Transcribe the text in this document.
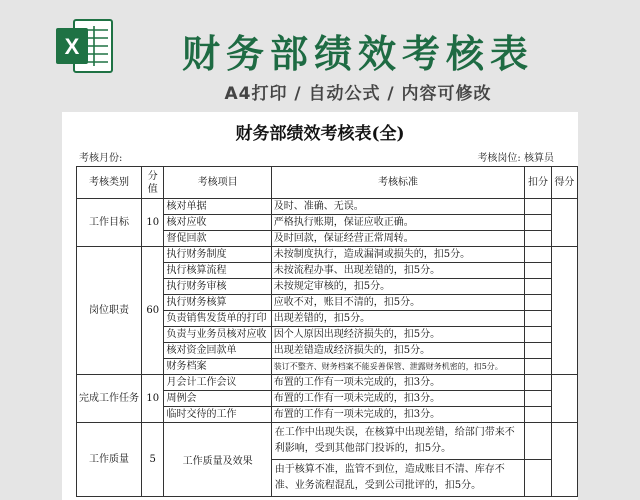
X	财务部绩效考核表
A4打印 / 自动公式 / 内容可修改
财务部绩效考核表(全)
考核月份:	考核岗位: 核算员
考核类别	分值	考核项目	考核标准	扣分	得分
工作目标	10	核对单据	及时、准确、无误。		
		核对应收	严格执行账期，保证应收正确。		
		督促回款	及时回款，保证经营正常周转。		
岗位职责	60	执行财务制度	未按制度执行，造成漏洞或损失的，扣5分。		
		执行核算流程	未按流程办事、出现差错的，扣5分。		
		执行财务审核	未按规定审核的，扣5分。		
		执行财务核算	应收不对，账目不清的，扣5分。		
		负责销售发货单的打印	出现差错的，扣5分。		
		负责与业务员核对应收	因个人原因出现经济损失的，扣5分。		
		核对资金回款单	出现差错造成经济损失的，扣5分。		
		财务档案	装订不整齐、财务档案不能妥善保管、泄露财务机密的，扣5分。		
完成工作任务	10	月会计工作会议	布置的工作有一项未完成的，扣3分。		
		周例会	布置的工作有一项未完成的，扣3分。		
		临时交待的工作	布置的工作有一项未完成的，扣3分。		
工作质量	5	工作质量及效果	在工作中出现失误，在核算中出现差错，给部门带来不利影响，受到其他部门投诉的，扣5分。		
			由于核算不准，监管不到位，造成账目不清、库存不准、业务流程混乱，受到公司批评的，扣5分。		
